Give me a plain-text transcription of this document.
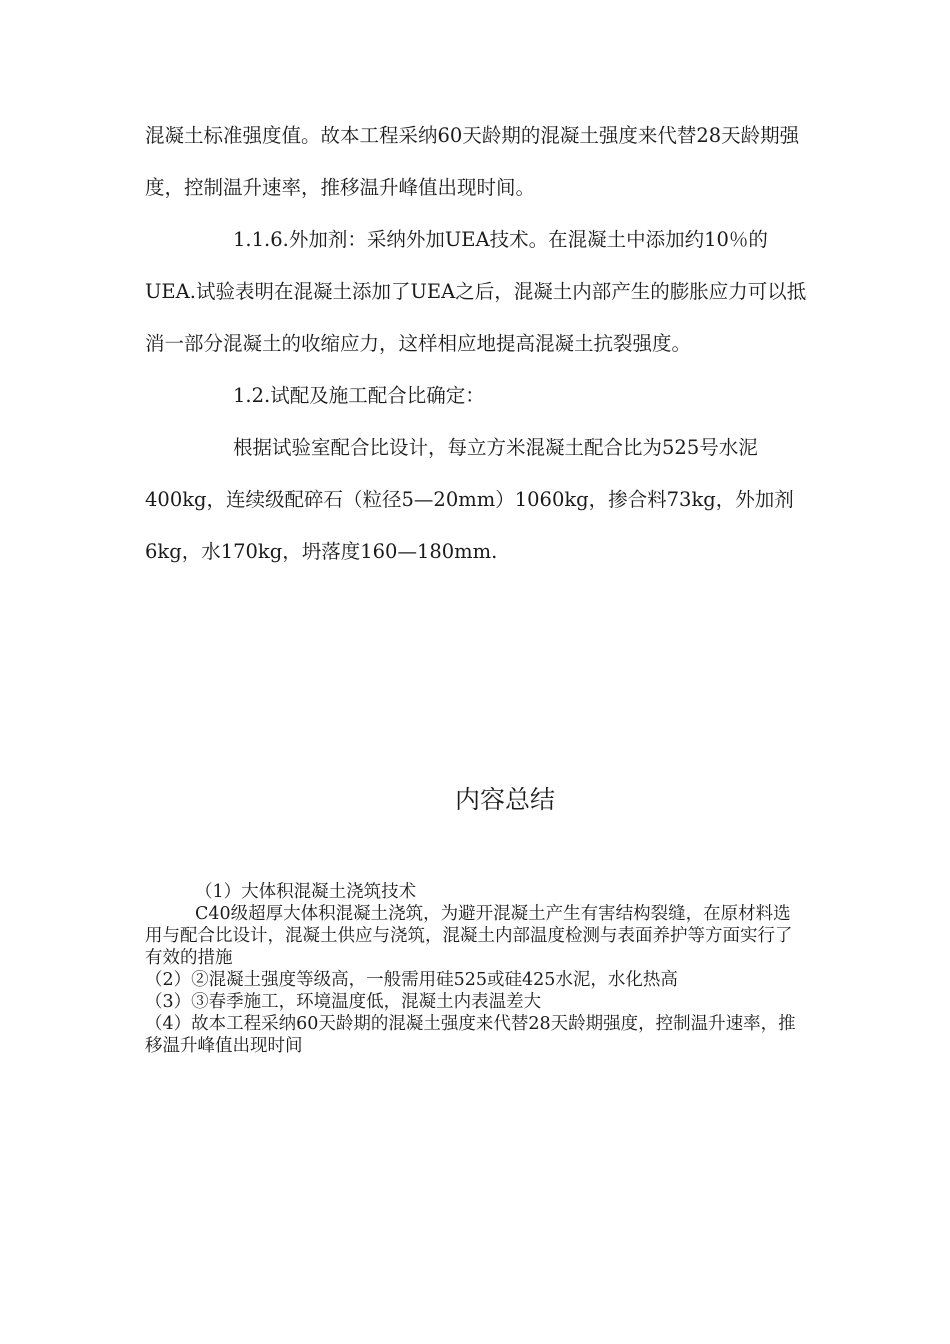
混凝土标准强度值。故本工程采纳60天龄期的混凝土强度来代替28天龄期强度，控制温升速率，推移温升峰值出现时间。

1.1.6.外加剂：采纳外加UEA技术。在混凝土中添加约10％的UEA.试验表明在混凝土添加了UEA之后，混凝土内部产生的膨胀应力可以抵消一部分混凝土的收缩应力，这样相应地提高混凝土抗裂强度。

1.2.试配及施工配合比确定：

根据试验室配合比设计，每立方米混凝土配合比为525号水泥400kg，连续级配碎石（粒径5—20mm）1060kg，掺合料73kg，外加剂6kg，水170kg，坍落度160—180mm.

内容总结

（1）大体积混凝土浇筑技术

C40级超厚大体积混凝土浇筑，为避开混凝土产生有害结构裂缝，在原材料选用与配合比设计，混凝土供应与浇筑，混凝土内部温度检测与表面养护等方面实行了有效的措施

（2）②混凝土强度等级高，一般需用硅525或硅425水泥，水化热高

（3）③春季施工，环境温度低，混凝土内表温差大

（4）故本工程采纳60天龄期的混凝土强度来代替28天龄期强度，控制温升速率，推移温升峰值出现时间
